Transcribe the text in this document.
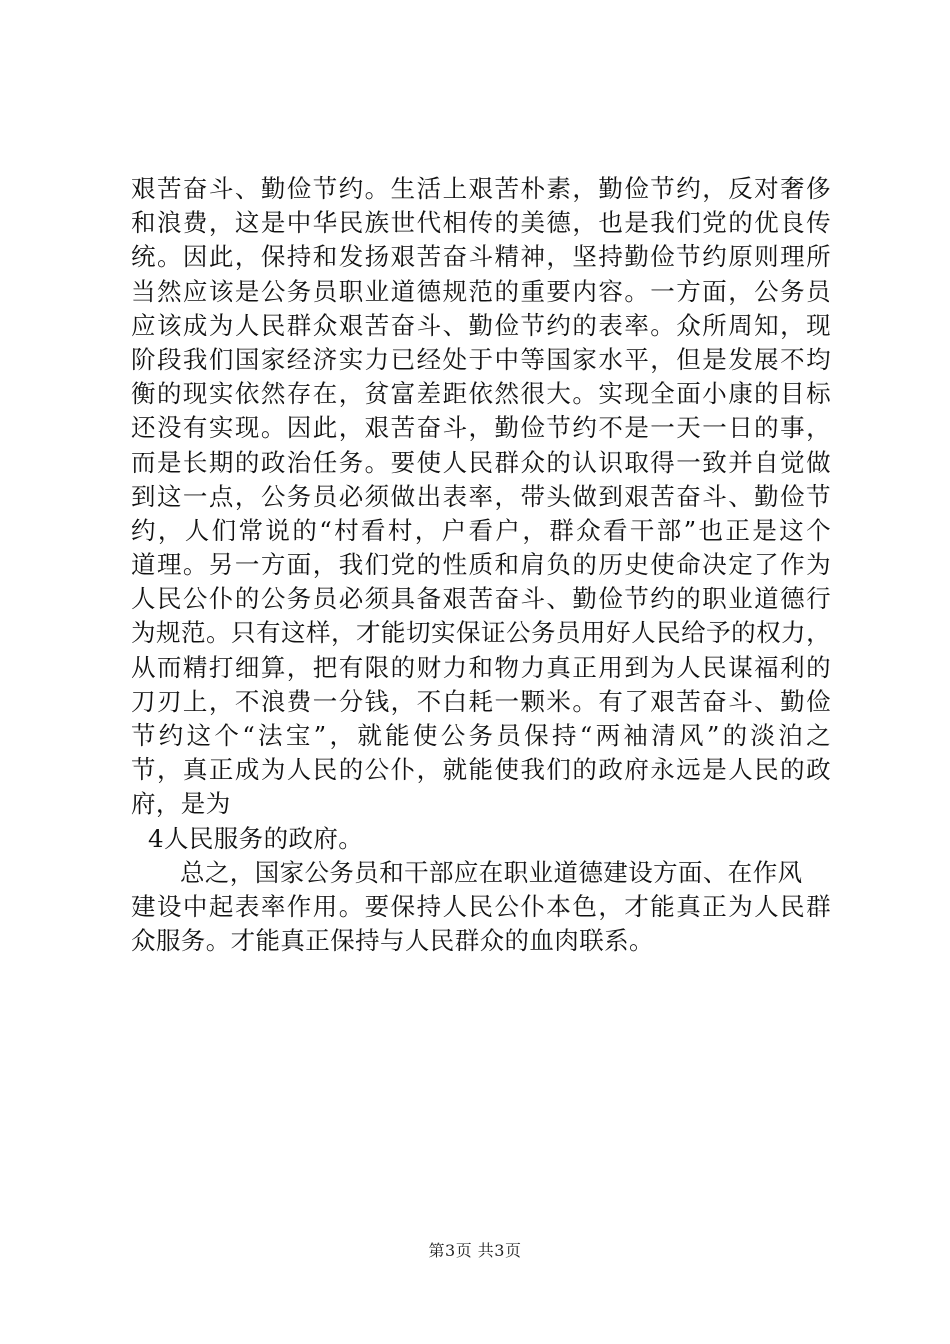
艰苦奋斗、勤俭节约。生活上艰苦朴素，勤俭节约，反对奢侈
和浪费，这是中华民族世代相传的美德，也是我们党的优良传
统。因此，保持和发扬艰苦奋斗精神，坚持勤俭节约原则理所
当然应该是公务员职业道德规范的重要内容。一方面，公务员
应该成为人民群众艰苦奋斗、勤俭节约的表率。众所周知，现
阶段我们国家经济实力已经处于中等国家水平，但是发展不均
衡的现实依然存在，贫富差距依然很大。实现全面小康的目标
还没有实现。因此，艰苦奋斗，勤俭节约不是一天一日的事，
而是长期的政治任务。要使人民群众的认识取得一致并自觉做
到这一点，公务员必须做出表率，带头做到艰苦奋斗、勤俭节
约，人们常说的“村看村，户看户，群众看干部”也正是这个
道理。另一方面，我们党的性质和肩负的历史使命决定了作为
人民公仆的公务员必须具备艰苦奋斗、勤俭节约的职业道德行
为规范。只有这样，才能切实保证公务员用好人民给予的权力，
从而精打细算，把有限的财力和物力真正用到为人民谋福利的
刀刃上，不浪费一分钱，不白耗一颗米。有了艰苦奋斗、勤俭
节约这个“法宝”，就能使公务员保持“两袖清风”的淡泊之
节，真正成为人民的公仆，就能使我们的政府永远是人民的政
府，是为
4人民服务的政府。
总之，国家公务员和干部应在职业道德建设方面、在作风
建设中起表率作用。要保持人民公仆本色，才能真正为人民群
众服务。才能真正保持与人民群众的血肉联系。
第3页 共3页
